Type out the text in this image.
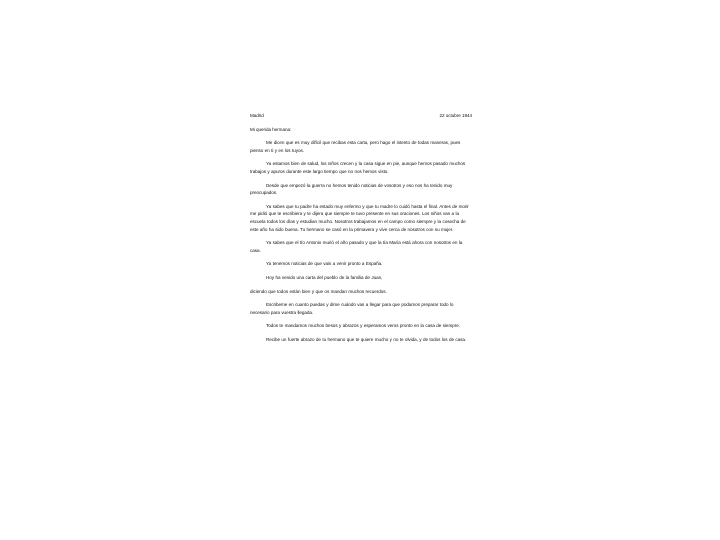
Madrid	22 octubre 1944
Mi querida hermana:

Me dicen que es muy difícil que recibas esta carta, pero hago el intento de todas maneras, pues pienso en ti y en los tuyos.

Ya estamos bien de salud, los niños crecen y la casa sigue en pie, aunque hemos pasado muchos trabajos y apuros durante este largo tiempo que no nos hemos visto.

Desde que empezó la guerra no hemos tenido noticias de vosotros y eso nos ha tenido muy preocupados.

Ya sabes que tu padre ha estado muy enfermo y que tu madre lo cuidó hasta el final. Antes de morir me pidió que te escribiera y te dijera que siempre te tuvo presente en sus oraciones. Los niños van a la escuela todos los días y estudian mucho. Nosotros trabajamos en el campo como siempre y la cosecha de este año ha sido buena. Tu hermano se casó en la primavera y vive cerca de nosotros con su mujer.

Ya sabes que el tío Antonio murió el año pasado y que la tía María está ahora con nosotros en la casa.

Ya tenemos noticias de que vais a venir pronto a España.

Hoy ha venido una carta del pueblo de la familia de Juan,

diciendo que todos están bien y que os mandan muchos recuerdos.

Escribeme en cuanto puedas y dime cuándo vas a llegar para que podamos preparar todo lo necesario para vuestra llegada.

Todos te mandamos muchos besos y abrazos y esperamos veros pronto en la casa de siempre.

Recibe un fuerte abrazo de tu hermano que te quiere mucho y no te olvida, y de todos los de casa.
